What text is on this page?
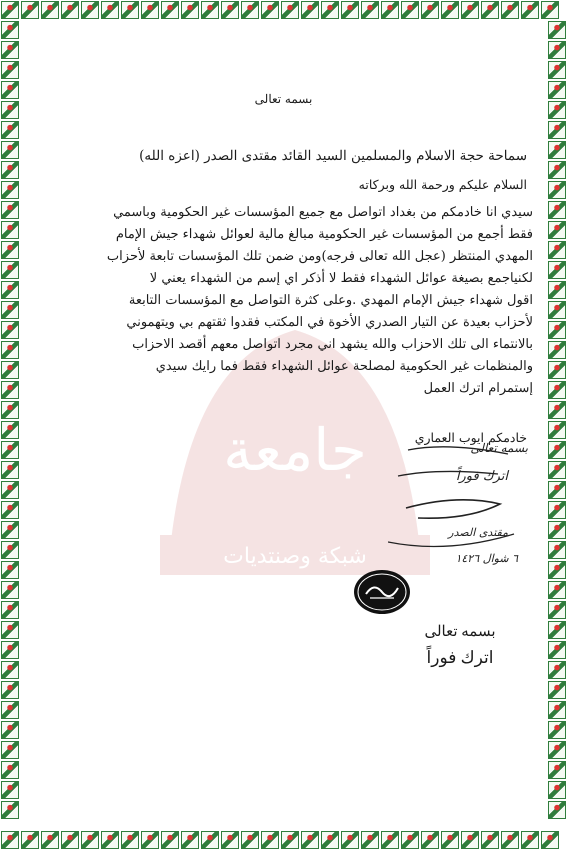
جامعة
شبكة وصنتديات
بسمه تعالى
سماحة حجة الاسلام والمسلمين السيد القائد مقتدى الصدر (اعزه الله)
السلام عليكم ورحمة الله وبركاته
سيدي انا خادمكم من بغداد اتواصل مع جميع المؤسسات غير الحكومية وباسمي
فقط أجمع من المؤسسات غير الحكومية مبالغ مالية لعوائل شهداء جيش الإمام
المهدي المنتظر (عجل الله تعالى فرجه)ومن ضمن تلك المؤسسات تابعة لأحزاب
لكنياجمع بصيغة عوائل الشهداء فقط لا أذكر اي إسم من الشهداء يعني لا
اقول شهداء جيش الإمام المهدي .وعلى كثرة التواصل مع المؤسسات التابعة
لأحزاب بعيدة عن التيار الصدري الأخوة في المكتب فقدوا ثقتهم بي ويتهموني
بالانتماء الى تلك الاحزاب والله يشهد اني مجرد اتواصل معهم أقصد الاحزاب
والمنظمات غير الحكومية لمصلحة عوائل الشهداء فقط فما رايك سيدي
إستمرام اترك العمل
خادمكم ايوب العماري
بسمه تعالى
اترك فوراً
مقتدى الصدر
٦ شوال ١٤٢٦
بسمه تعالى
اترك فوراً
